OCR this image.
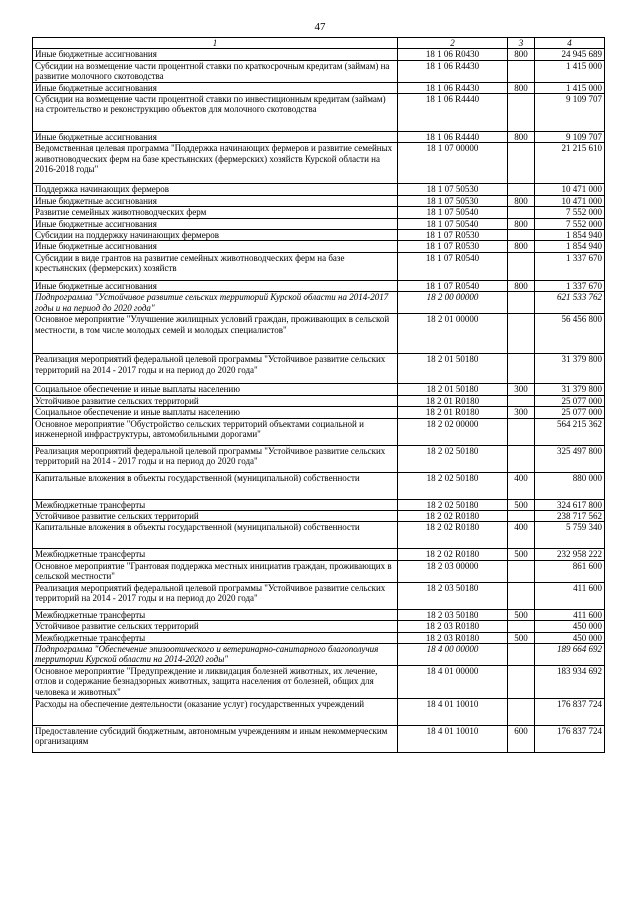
47
1	2	3	4
Иные бюджетные ассигнования	18 1 06 R0430	800	24 945 689
Субсидии на возмещение части процентной ставки по краткосрочным кредитам (займам) на развитие молочного скотоводства	18 1 06 R4430		1 415 000
Иные бюджетные ассигнования	18 1 06 R4430	800	1 415 000
Субсидии на возмещение части процентной ставки по инвестиционным кредитам (займам) на строительство и реконструкцию объектов для молочного скотоводства	18 1 06 R4440		9 109 707
Иные бюджетные ассигнования	18 1 06 R4440	800	9 109 707
Ведомственная целевая программа "Поддержка начинающих фермеров и развитие семейных животноводческих ферм на базе крестьянских (фермерских) хозяйств Курской области на 2016-2018 годы"	18 1 07 00000		21 215 610
Поддержка начинающих фермеров	18 1 07 50530		10 471 000
Иные бюджетные ассигнования	18 1 07 50530	800	10 471 000
Развитие семейных животноводческих ферм	18 1 07 50540		7 552 000
Иные бюджетные ассигнования	18 1 07 50540	800	7 552 000
Субсидии на поддержку начинающих фермеров	18 1 07 R0530		1 854 940
Иные бюджетные ассигнования	18 1 07 R0530	800	1 854 940
Субсидии в виде грантов на развитие семейных животноводческих ферм на базе крестьянских (фермерских) хозяйств	18 1 07 R0540		1 337 670
Иные бюджетные ассигнования	18 1 07 R0540	800	1 337 670
Подпрограмма "Устойчивое развитие сельских территорий Курской области на 2014-2017 годы и на период до 2020 года"	18 2 00 00000		621 533 762
Основное мероприятие "Улучшение жилищных условий граждан, проживающих в сельской местности, в том числе молодых семей и молодых специалистов"	18 2 01 00000		56 456 800
Реализация мероприятий федеральной целевой программы "Устойчивое развитие сельских территорий на 2014 - 2017 годы и на период до 2020 года"	18 2 01 50180		31 379 800
Социальное обеспечение и иные выплаты населению	18 2 01 50180	300	31 379 800
Устойчивое развитие сельских территорий	18 2 01 R0180		25 077 000
Социальное обеспечение и иные выплаты населению	18 2 01 R0180	300	25 077 000
Основное мероприятие "Обустройство сельских территорий объектами социальной и инженерной инфраструктуры, автомобильными дорогами"	18 2 02 00000		564 215 362
Реализация мероприятий федеральной целевой программы "Устойчивое развитие сельских территорий на 2014 - 2017 годы и на период до 2020 года"	18 2 02 50180		325 497 800
Капитальные вложения в объекты государственной (муниципальной) собственности	18 2 02 50180	400	880 000
Межбюджетные трансферты	18 2 02 50180	500	324 617 800
Устойчивое развитие сельских территорий	18 2 02 R0180		238 717 562
Капитальные вложения в объекты государственной (муниципальной) собственности	18 2 02 R0180	400	5 759 340
Межбюджетные трансферты	18 2 02 R0180	500	232 958 222
Основное мероприятие "Грантовая поддержка местных инициатив граждан, проживающих в сельской местности"	18 2 03 00000		861 600
Реализация мероприятий федеральной целевой программы "Устойчивое развитие сельских территорий на 2014 - 2017 годы и на период до 2020 года"	18 2 03 50180		411 600
Межбюджетные трансферты	18 2 03 50180	500	411 600
Устойчивое развитие сельских территорий	18 2 03 R0180		450 000
Межбюджетные трансферты	18 2 03 R0180	500	450 000
Подпрограмма "Обеспечение эпизоотического и ветеринарно-санитарного благополучия территории Курской области на 2014-2020 годы"	18 4 00 00000		189 664 692
Основное мероприятие "Предупреждение и ликвидация болезней животных, их лечение, отлов и содержание безнадзорных животных, защита населения от болезней, общих для человека и животных"	18 4 01 00000		183 934 692
Расходы на обеспечение деятельности (оказание услуг) государственных учреждений	18 4 01 10010		176 837 724
Предоставление субсидий бюджетным, автономным учреждениям и иным некоммерческим организациям	18 4 01 10010	600	176 837 724
